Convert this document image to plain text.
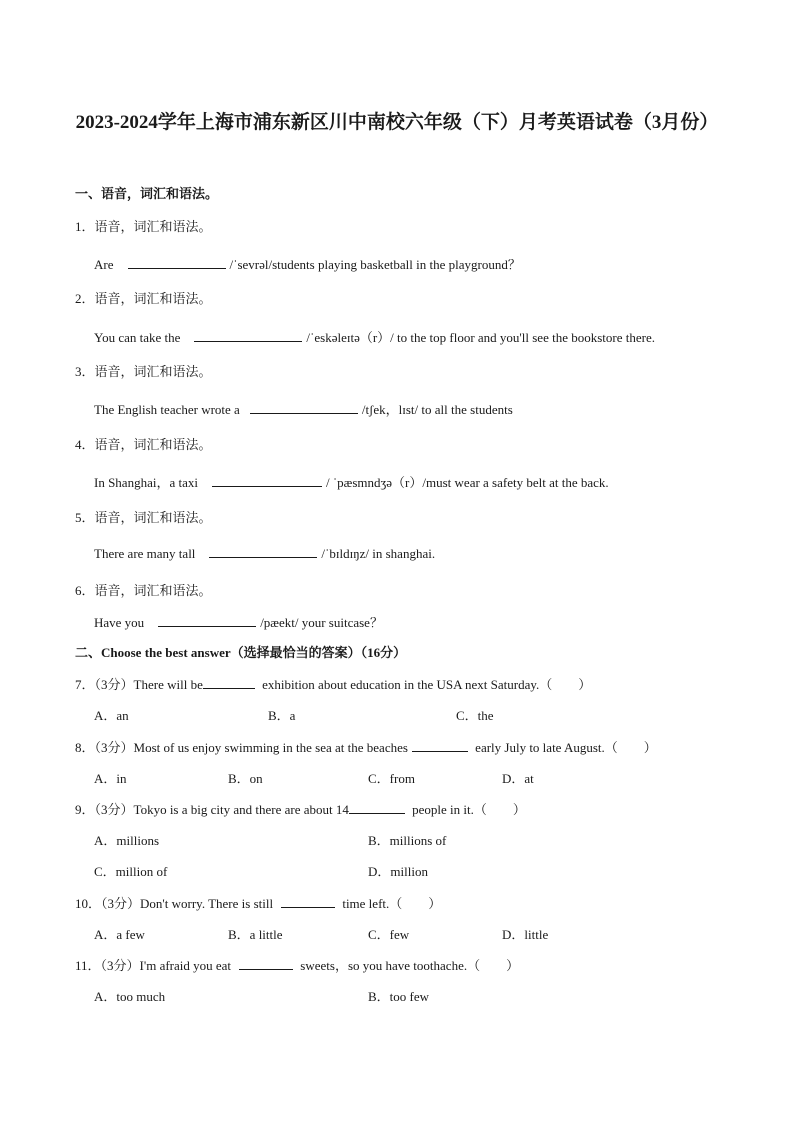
2023-2024学年上海市浦东新区川中南校六年级（下）月考英语试卷（3月份）
一、语音，词汇和语法。
1．语音，词汇和语法。
Are	/ˈsevrəl/students playing basketball in the playground？
2．语音，词汇和语法。
You can take the	/ˈeskəleɪtə（r）/ to the top floor and you'll see the bookstore there.
3．语音，词汇和语法。
The English teacher wrote a	/tʃek，lɪst/ to all the students
4．语音，词汇和语法。
In Shanghai，a taxi	/ ˈpæsmndʒə（r）/must wear a safety belt at the back.
5．语音，词汇和语法。
There are many tall	/ˈbɪldɪŋz/ in shanghai.
6．语音，词汇和语法。
Have you	/pæekt/ your suitcase？
二、Choose the best answer（选择最恰当的答案）（16分）
7．（3分）There will be	exhibition about education in the USA next Saturday.（　　）
A．an	B．a	C．the
8．（3分）Most of us enjoy swimming in the sea at the beaches	early July to late August.（　　）
A．in	B．on	C．from	D．at
9．（3分）Tokyo is a big city and there are about 14	people in it.（　　）
A．millions	B．millions of
C．million of	D．million
10．（3分）Don't worry. There is still	time left.（　　）
A．a few	B．a little	C．few	D．little
11．（3分）I'm afraid you eat	sweets，so you have toothache.（　　）
A．too much	B．too few
